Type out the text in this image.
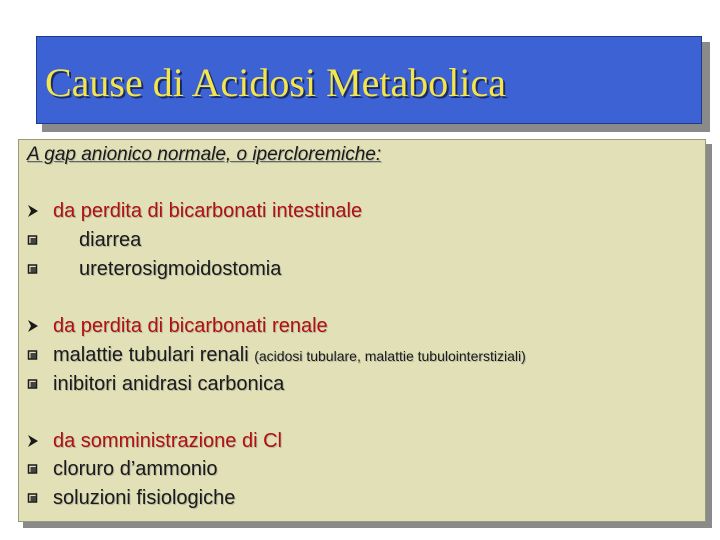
Cause di Acidosi Metabolica
A gap anionico normale, o ipercloremiche:
da perdita di bicarbonati intestinale
diarrea
ureterosigmoidostomia
da perdita di bicarbonati renale
malattie tubulari renali (acidosi tubulare, malattie tubulointerstiziali)
inibitori anidrasi carbonica
da somministrazione di Cl
cloruro d’ammonio
soluzioni fisiologiche
